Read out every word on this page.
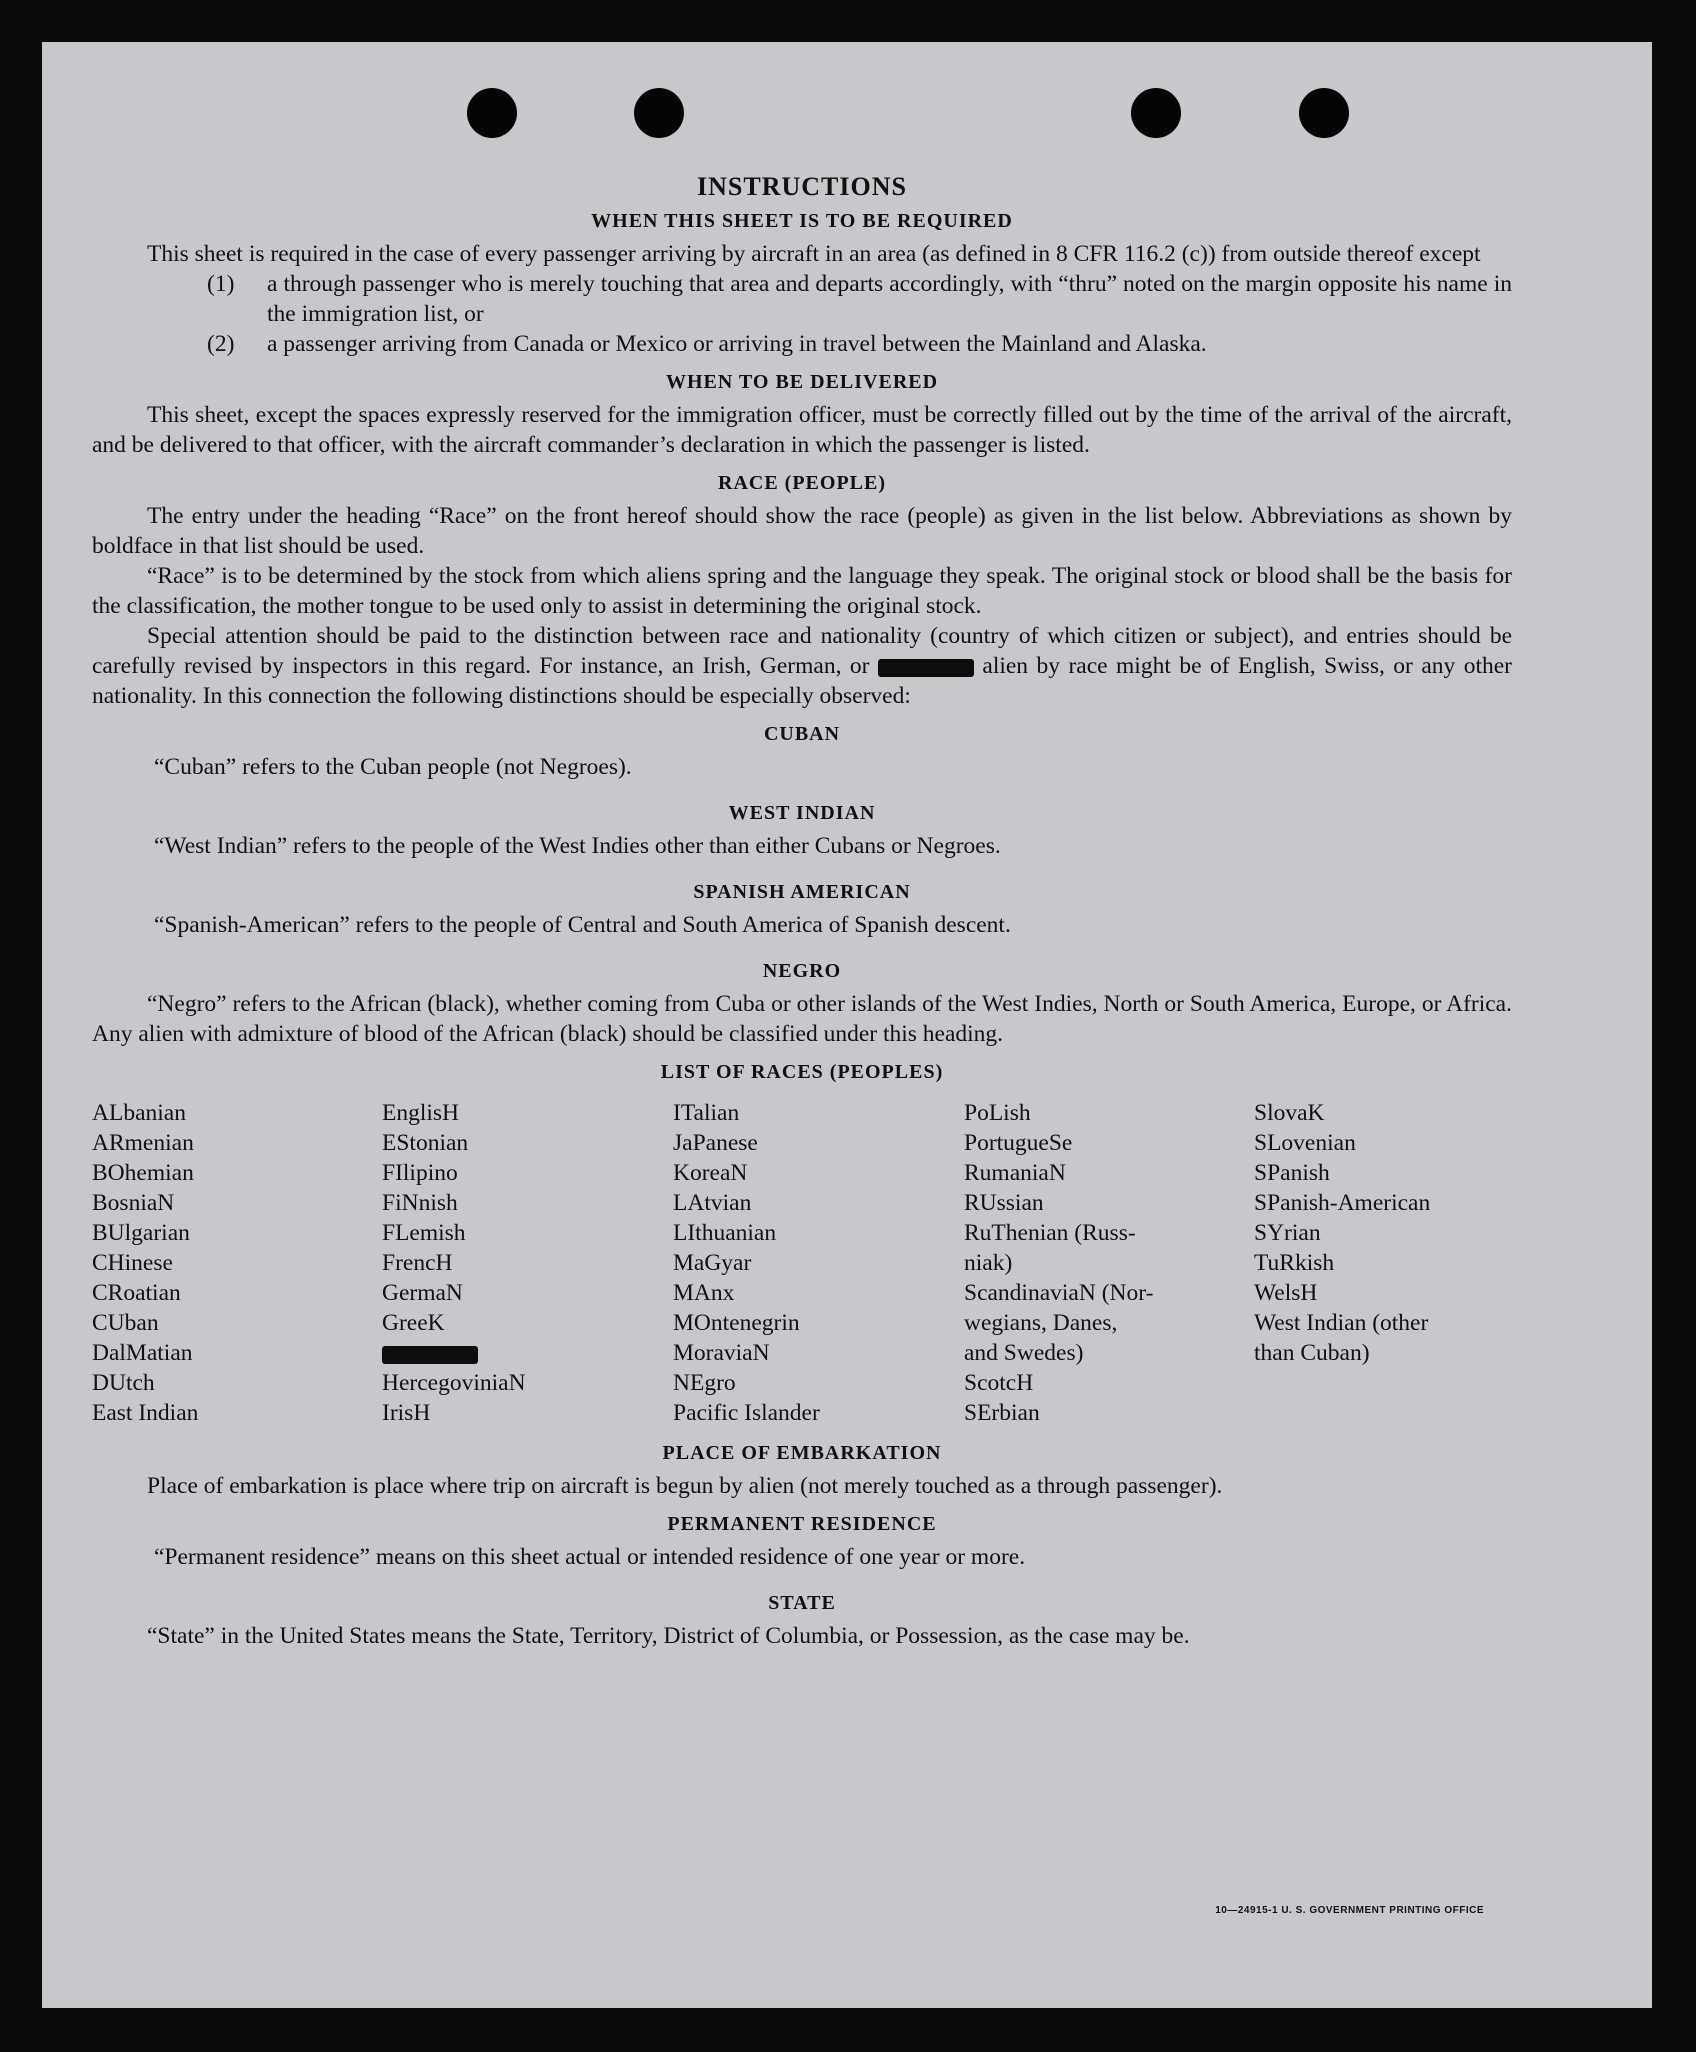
INSTRUCTIONS
WHEN THIS SHEET IS TO BE REQUIRED

This sheet is required in the case of every passenger arriving by aircraft in an area (as defined in 8 CFR 116.2 (c)) from outside thereof except

(1)	a through passenger who is merely touching that area and departs accordingly, with “thru” noted on the margin opposite his name in the immigration list, or
(2)	a passenger arriving from Canada or Mexico or arriving in travel between the Mainland and Alaska.
WHEN TO BE DELIVERED

This sheet, except the spaces expressly reserved for the immigration officer, must be correctly filled out by the time of the arrival of the aircraft, and be delivered to that officer, with the aircraft commander’s declaration in which the passenger is listed.

RACE (PEOPLE)

The entry under the heading “Race” on the front hereof should show the race (people) as given in the list below. Abbreviations as shown by boldface in that list should be used.

“Race” is to be determined by the stock from which aliens spring and the language they speak. The original stock or blood shall be the basis for the classification, the mother tongue to be used only to assist in determining the original stock.

Special attention should be paid to the distinction between race and nationality (country of which citizen or subject), and entries should be carefully revised by inspectors in this regard. For instance, an Irish, German, or	alien by race might be of English, Swiss, or any other nationality. In this connection the following distinctions should be especially observed:

CUBAN

“Cuban” refers to the Cuban people (not Negroes).

WEST INDIAN

“West Indian” refers to the people of the West Indies other than either Cubans or Negroes.

SPANISH AMERICAN

“Spanish-American” refers to the people of Central and South America of Spanish descent.

NEGRO

“Negro” refers to the African (black), whether coming from Cuba or other islands of the West Indies, North or South America, Europe, or Africa. Any alien with admixture of blood of the African (black) should be classified under this heading.

LIST OF RACES (PEOPLES)
ALbanian
ARmenian
BOhemian
BosniaN
BUlgarian
CHinese
CRoatian
CUban
DalMatian
DUtch
East Indian
EnglisH
EStonian
FIlipino
FiNnish
FLemish
FrencH
GermaN
GreeK
HercegoviniaN
IrisH
ITalian
JaPanese
KoreaN
LAtvian
LIthuanian
MaGyar
MAnx
MOntenegrin
MoraviaN
NEgro
Pacific Islander
PoLish
PortugueSe
RumaniaN
RUssian
RuThenian (Russ-
niak)
ScandinaviaN (Nor-
wegians, Danes,
and Swedes)
ScotcH
SErbian
SlovaK
SLovenian
SPanish
SPanish-American
SYrian
TuRkish
WelsH
West Indian (other
than Cuban)
PLACE OF EMBARKATION

Place of embarkation is place where trip on aircraft is begun by alien (not merely touched as a through passenger).

PERMANENT RESIDENCE

“Permanent residence” means on this sheet actual or intended residence of one year or more.

STATE

“State” in the United States means the State, Territory, District of Columbia, or Possession, as the case may be.

10—24915-1 U. S. GOVERNMENT PRINTING OFFICE
